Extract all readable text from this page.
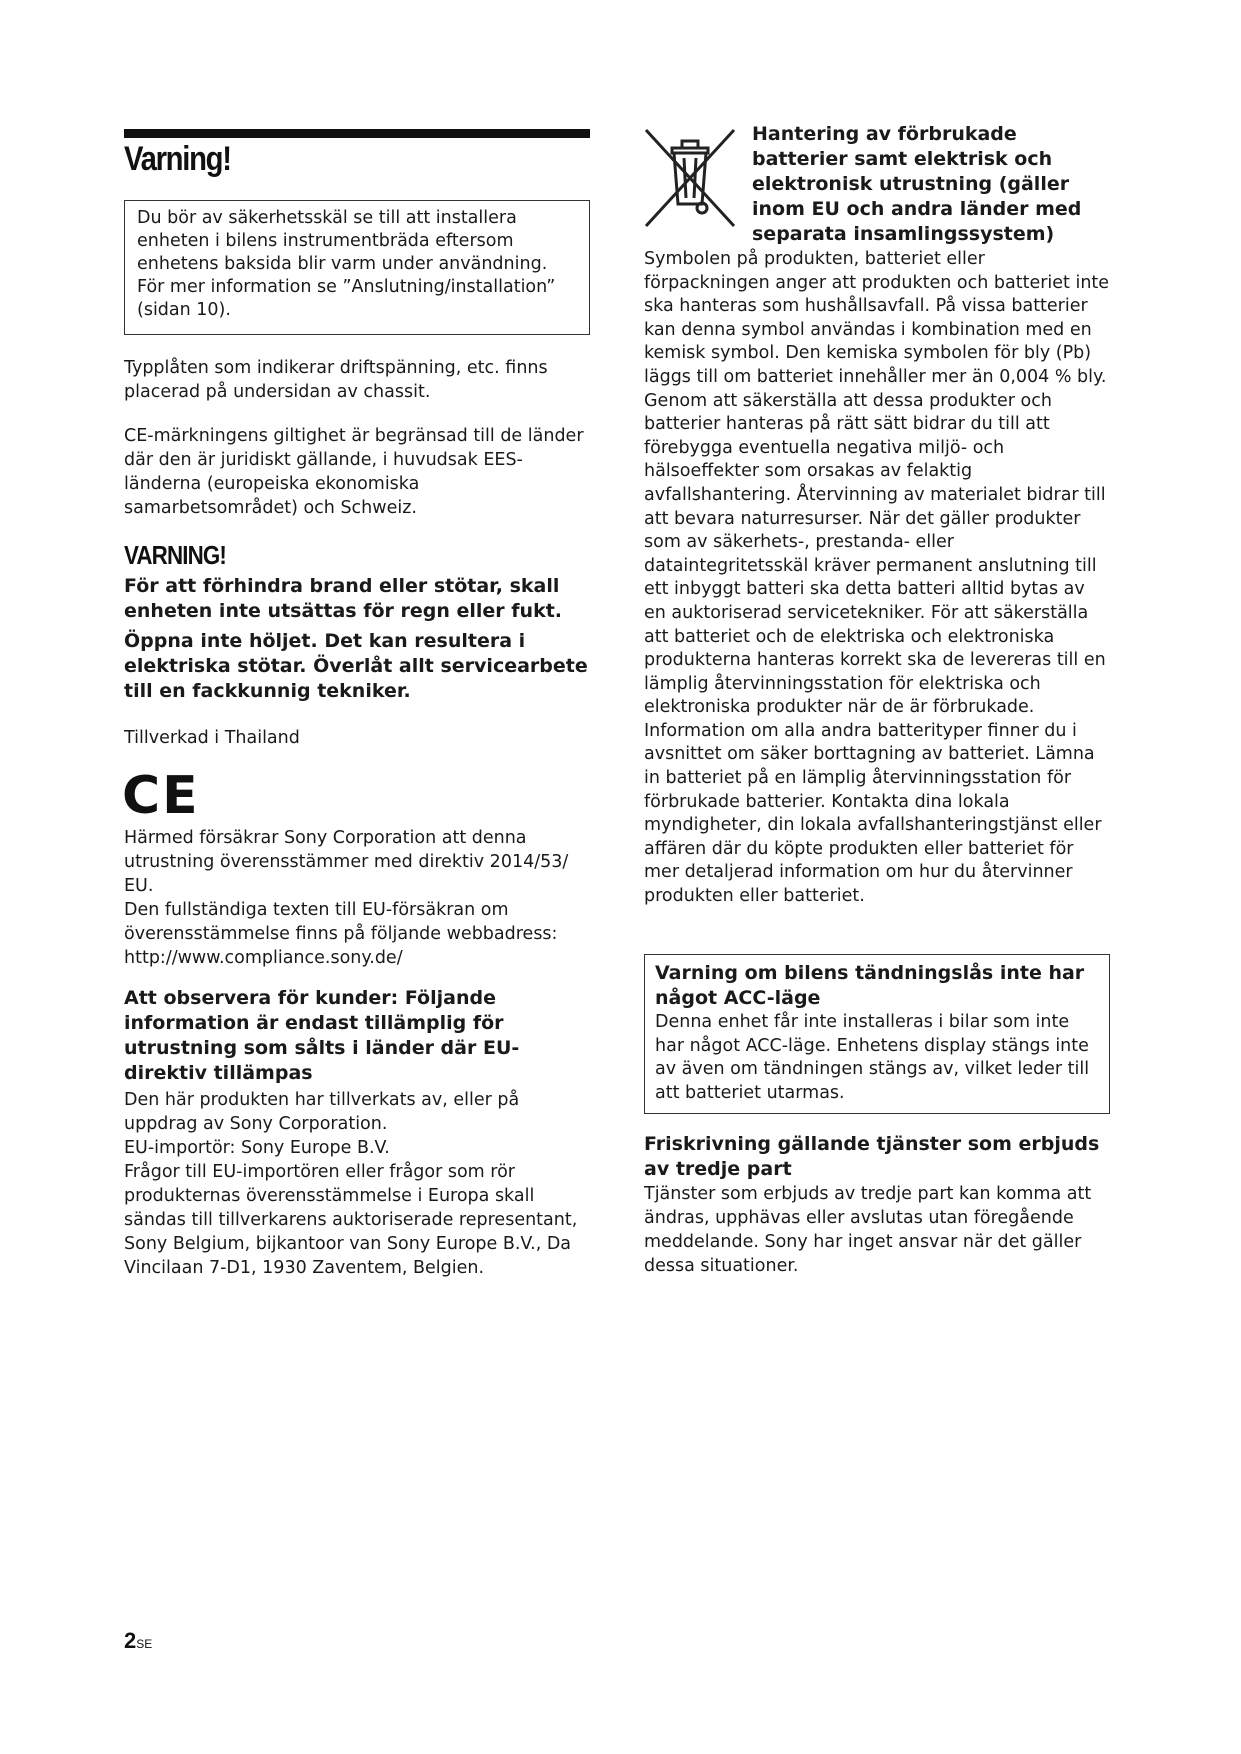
Varning!

Du bör av säkerhetsskäl se till att installera enheten i bilens instrumentbräda eftersom enhetens baksida blir varm under användning. För mer information se ”Anslutning/installation” (sidan 10).

Typplåten som indikerar driftspänning, etc. finns placerad på undersidan av chassit.

CE-märkningens giltighet är begränsad till de länder där den är juridiskt gällande, i huvudsak EES-länderna (europeiska ekonomiska samarbetsområdet) och Schweiz.

VARNING!

För att förhindra brand eller stötar, skall enheten inte utsättas för regn eller fukt.

Öppna inte höljet. Det kan resultera i elektriska stötar. Överlåt allt servicearbete till en fackkunnig tekniker.

Tillverkad i Thailand

CE

Härmed försäkrar Sony Corporation att denna utrustning överensstämmer med direktiv 2014/53/ EU.

Den fullständiga texten till EU-försäkran om överensstämmelse finns på följande webbadress: http://www.compliance.sony.de/

Att observera för kunder: Följande information är endast tillämplig för utrustning som sålts i länder där EU-direktiv tillämpas

Den här produkten har tillverkats av, eller på uppdrag av Sony Corporation.

EU-importör: Sony Europe B.V.

Frågor till EU-importören eller frågor som rör produkternas överensstämmelse i Europa skall sändas till tillverkarens auktoriserade representant, Sony Belgium, bijkantoor van Sony Europe B.V., Da Vincilaan 7-D1, 1930 Zaventem, Belgien.

Hantering av förbrukade batterier samt elektrisk och elektronisk utrustning (gäller inom EU och andra länder med separata insamlingssystem)

Symbolen på produkten, batteriet eller förpackningen anger att produkten och batteriet inte ska hanteras som hushållsavfall. På vissa batterier kan denna symbol användas i kombination med en kemisk symbol. Den kemiska symbolen för bly (Pb) läggs till om batteriet innehåller mer än 0,004 % bly. Genom att säkerställa att dessa produkter och batterier hanteras på rätt sätt bidrar du till att förebygga eventuella negativa miljö- och hälsoeffekter som orsakas av felaktig avfallshantering. Återvinning av materialet bidrar till att bevara naturresurser. När det gäller produkter som av säkerhets-, prestanda- eller dataintegritetsskäl kräver permanent anslutning till ett inbyggt batteri ska detta batteri alltid bytas av en auktoriserad servicetekniker. För att säkerställa att batteriet och de elektriska och elektroniska produkterna hanteras korrekt ska de levereras till en lämplig återvinningsstation för elektriska och elektroniska produkter när de är förbrukade. Information om alla andra batterityper finner du i avsnittet om säker borttagning av batteriet. Lämna in batteriet på en lämplig återvinningsstation för förbrukade batterier. Kontakta dina lokala myndigheter, din lokala avfallshanteringstjänst eller affären där du köpte produkten eller batteriet för mer detaljerad information om hur du återvinner produkten eller batteriet.

Varning om bilens tändningslås inte har något ACC-läge

Denna enhet får inte installeras i bilar som inte har något ACC-läge. Enhetens display stängs inte av även om tändningen stängs av, vilket leder till att batteriet utarmas.

Friskrivning gällande tjänster som erbjuds av tredje part

Tjänster som erbjuds av tredje part kan komma att ändras, upphävas eller avslutas utan föregående meddelande. Sony har inget ansvar när det gäller dessa situationer.

2SE
